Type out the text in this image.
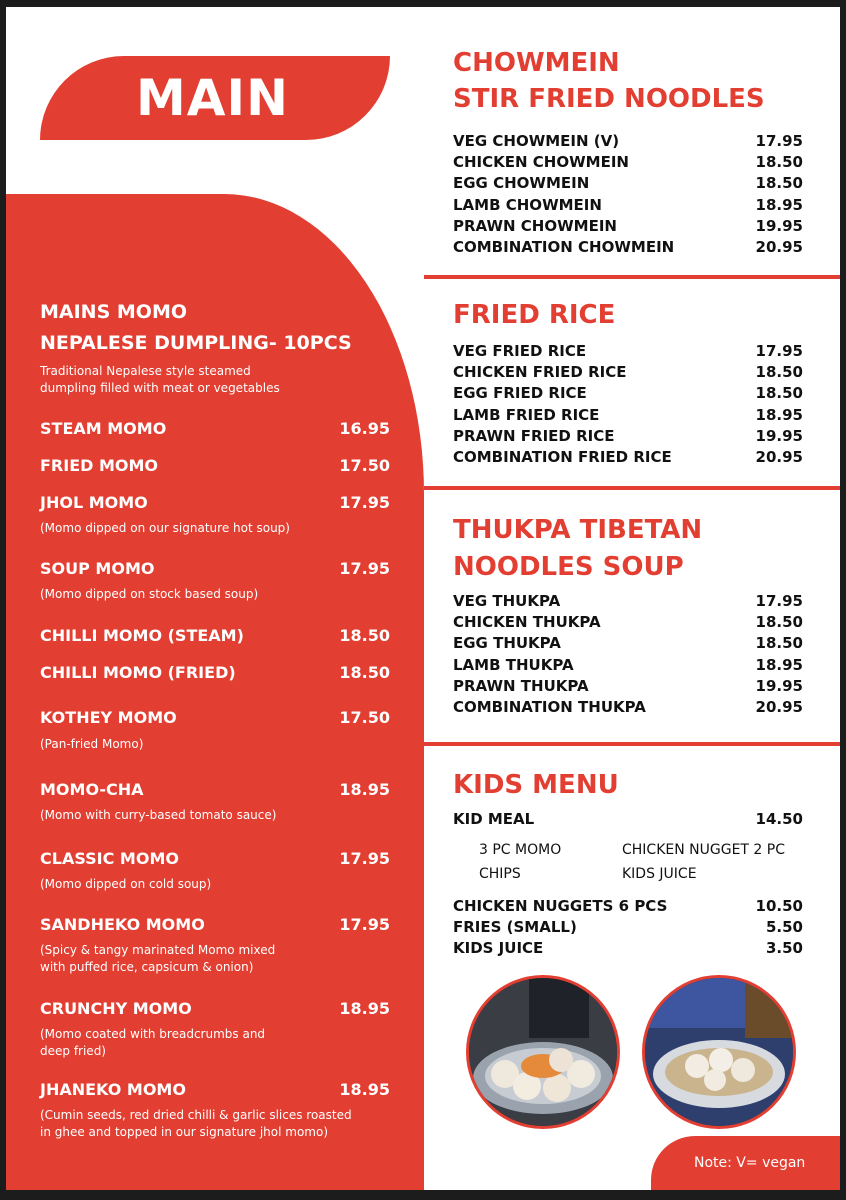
MAIN
MAINS MOMO
NEPALESE DUMPLING- 10PCS
Traditional Nepalese style steamed
dumpling filled with meat or vegetables
STEAM MOMO	16.95
FRIED MOMO	17.50
JHOL MOMO	17.95
(Momo dipped on our signature hot soup)
SOUP MOMO	17.95
(Momo dipped on stock based soup)
CHILLI MOMO (STEAM)	18.50
CHILLI MOMO (FRIED)	18.50
KOTHEY MOMO	17.50
(Pan-fried Momo)
MOMO-CHA	18.95
(Momo with curry-based tomato sauce)
CLASSIC MOMO	17.95
(Momo dipped on cold soup)
SANDHEKO MOMO	17.95
(Spicy & tangy marinated Momo mixed
with puffed rice, capsicum & onion)
CRUNCHY MOMO	18.95
(Momo coated with breadcrumbs and
deep fried)
JHANEKO MOMO	18.95
(Cumin seeds, red dried chilli & garlic slices roasted
in ghee and topped in our signature jhol momo)
CHOWMEIN
STIR FRIED NOODLES
VEG CHOWMEIN (V)	17.95
CHICKEN CHOWMEIN	18.50
EGG CHOWMEIN	18.50
LAMB CHOWMEIN	18.95
PRAWN CHOWMEIN	19.95
COMBINATION CHOWMEIN	20.95
FRIED RICE
VEG FRIED RICE	17.95
CHICKEN FRIED RICE	18.50
EGG FRIED RICE	18.50
LAMB FRIED RICE	18.95
PRAWN FRIED RICE	19.95
COMBINATION FRIED RICE	20.95
THUKPA TIBETAN
NOODLES SOUP
VEG THUKPA	17.95
CHICKEN THUKPA	18.50
EGG THUKPA	18.50
LAMB THUKPA	18.95
PRAWN THUKPA	19.95
COMBINATION THUKPA	20.95
KIDS MENU
KID MEAL	14.50
3 PC MOMO	CHICKEN NUGGET 2 PC
CHIPS	KIDS JUICE
CHICKEN NUGGETS 6 PCS	10.50
FRIES (SMALL)	5.50
KIDS JUICE	3.50
Note: V= vegan
